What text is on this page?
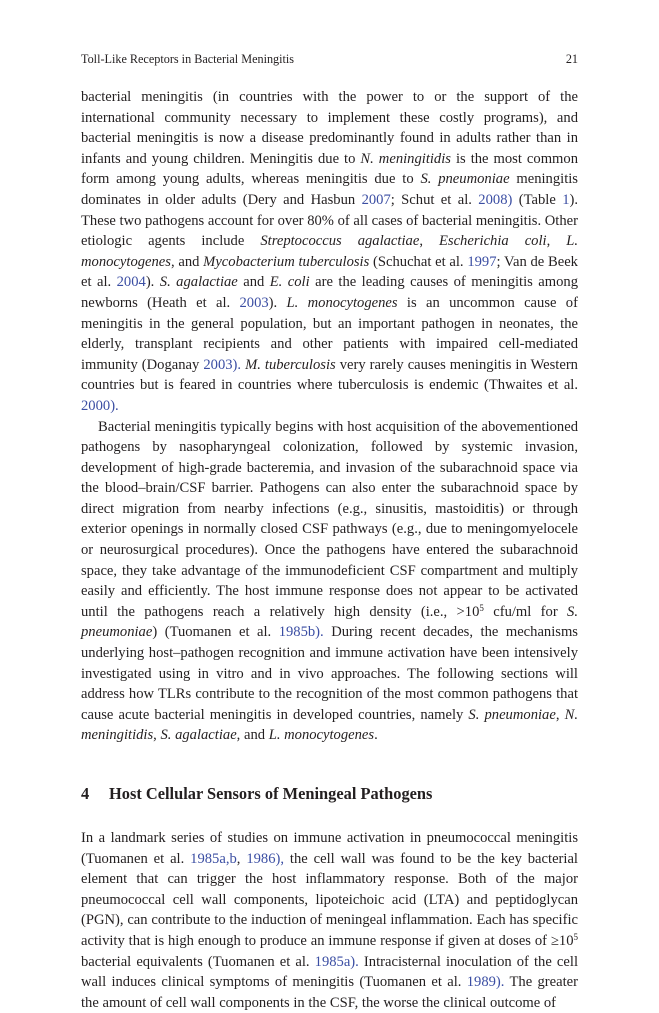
Toll-Like Receptors in Bacterial Meningitis	21

bacterial meningitis (in countries with the power to or the support of the international community necessary to implement these costly programs), and bacterial meningitis is now a disease predominantly found in adults rather than in infants and young children. Meningitis due to N. meningitidis is the most common form among young adults, whereas meningitis due to S. pneumoniae meningitis dominates in older adults (Dery and Hasbun 2007; Schut et al. 2008) (Table 1). These two pathogens account for over 80% of all cases of bacterial meningitis. Other etiologic agents include Streptococcus agalactiae, Escherichia coli, L. monocytogenes, and Mycobacterium tuberculosis (Schuchat et al. 1997; Van de Beek et al. 2004). S. agalactiae and E. coli are the leading causes of meningitis among newborns (Heath et al. 2003). L. monocytogenes is an uncommon cause of meningitis in the general population, but an important pathogen in neonates, the elderly, transplant recipients and other patients with impaired cell-mediated immunity (Doganay 2003). M. tuberculosis very rarely causes meningitis in Western countries but is feared in countries where tuberculosis is endemic (Thwaites et al. 2000).

Bacterial meningitis typically begins with host acquisition of the abovementioned pathogens by nasopharyngeal colonization, followed by systemic invasion, development of high-grade bacteremia, and invasion of the subarachnoid space via the blood–brain/CSF barrier. Pathogens can also enter the subarachnoid space by direct migration from nearby infections (e.g., sinusitis, mastoiditis) or through exterior openings in normally closed CSF pathways (e.g., due to meningomyelocele or neurosurgical procedures). Once the pathogens have entered the subarachnoid space, they take advantage of the immunodeficient CSF compartment and multiply easily and efficiently. The host immune response does not appear to be activated until the pathogens reach a relatively high density (i.e., $>10^5$ cfu/ml for S. pneumoniae) (Tuomanen et al. 1985b). During recent decades, the mechanisms underlying host–pathogen recognition and immune activation have been intensively investigated using in vitro and in vivo approaches. The following sections will address how TLRs contribute to the recognition of the most common pathogens that cause acute bacterial meningitis in developed countries, namely S. pneumoniae, N. meningitidis, S. agalactiae, and L. monocytogenes.

4	Host Cellular Sensors of Meningeal Pathogens

In a landmark series of studies on immune activation in pneumococcal meningitis (Tuomanen et al. 1985a,b, 1986), the cell wall was found to be the key bacterial element that can trigger the host inflammatory response. Both of the major pneumococcal cell wall components, lipoteichoic acid (LTA) and peptidoglycan (PGN), can contribute to the induction of meningeal inflammation. Each has specific activity that is high enough to produce an immune response if given at doses of $\ge 10^5$ bacterial equivalents (Tuomanen et al. 1985a). Intracisternal inoculation of the cell wall induces clinical symptoms of meningitis (Tuomanen et al. 1989). The greater the amount of cell wall components in the CSF, the worse the clinical outcome of
